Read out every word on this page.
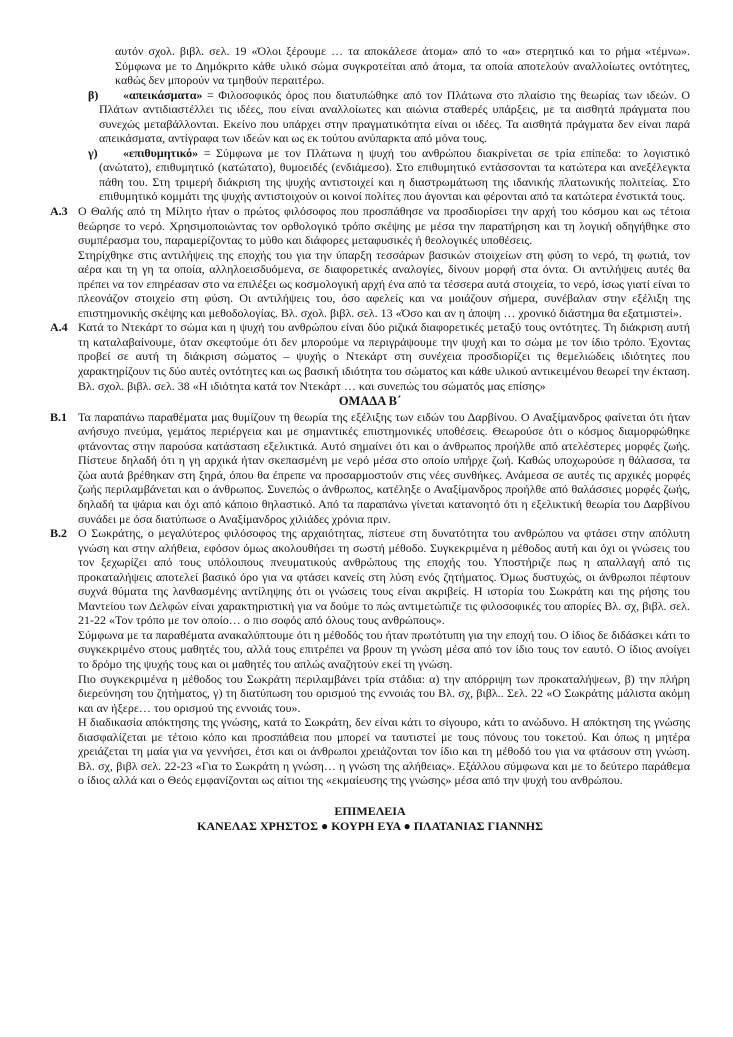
αυτόν σχολ. βιβλ. σελ. 19 «Όλοι ξέρουμε … τα αποκάλεσε άτομα» από το «α» στερητικό και το ρήμα «τέμνω». Σύμφωνα με το Δημόκριτο κάθε υλικό σώμα συγκροτείται από άτομα, τα οποία αποτελούν αναλλοίωτες οντότητες, καθώς δεν μπορούν να τμηθούν περαιτέρω.

β)	«απεικάσματα» = Φιλοσοφικός όρος που διατυπώθηκε από τον Πλάτωνα στο πλαίσιο της θεωρίας των ιδεών. Ο Πλάτων αντιδιαστέλλει τις ιδέες, που είναι αναλλοίωτες και αιώνια σταθερές υπάρξεις, με τα αισθητά πράγματα που συνεχώς μεταβάλλονται. Εκείνο που υπάρχει στην πραγματικότητα είναι οι ιδέες. Τα αισθητά πράγματα δεν είναι παρά απεικάσματα, αντίγραφα των ιδεών και ως εκ τούτου ανύπαρκτα από μόνα τους.

γ)	«επιθυμητικό» = Σύμφωνα με τον Πλάτωνα η ψυχή του ανθρώπου διακρίνεται σε τρία επίπεδα: το λογιστικό (ανώτατο), επιθυμητικό (κατώτατο), θυμοειδές (ενδιάμεσο). Στο επιθυμητικό εντάσσονται τα κατώτερα και ανεξέλεγκτα πάθη του. Στη τριμερή διάκριση της ψυχής αντιστοιχεί και η διαστρωμάτωση της ιδανικής πλατωνικής πολιτείας. Στο επιθυμητικό κομμάτι της ψυχής αντιστοιχούν οι κοινοί πολίτες που άγονται και φέρονται από τα κατώτερα ένστικτά τους.

Α.3 Ο Θαλής από τη Μίλητο ήταν ο πρώτος φιλόσοφος που προσπάθησε να προσδιορίσει την αρχή του κόσμου και ως τέτοια θεώρησε το νερό. Χρησιμοποιώντας τον ορθολογικό τρόπο σκέψης με μέσα την παρατήρηση και τη λογική οδηγήθηκε στο συμπέρασμα του, παραμερίζοντας το μύθο και διάφορες μεταφυσικές ή θεολογικές υποθέσεις.

Στηρίχθηκε στις αντιλήψεις της εποχής του για την ύπαρξη τεσσάρων βασικών στοιχείων στη φύση το νερό, τη φωτιά, τον αέρα και τη γη τα οποία, αλληλοεισδυόμενα, σε διαφορετικές αναλογίες, δίνουν μορφή στα όντα. Οι αντιλήψεις αυτές θα πρέπει να τον επηρέασαν στο να επιλέξει ως κοσμολογική αρχή ένα από τα τέσσερα αυτά στοιχεία, το νερό, ίσως γιατί είναι το πλεονάζον στοιχείο στη φύση. Οι αντιλήψεις του, όσο αφελείς και να μοιάζουν σήμερα, συνέβαλαν στην εξέλιξη της επιστημονικής σκέψης και μεθοδολογίας. Βλ. σχολ. βιβλ. σελ. 13 «Όσο και αν η άποψη … χρονικό διάστημα θα εξατμιστεί».

Α.4 Κατά το Ντεκάρτ το σώμα και η ψυχή του ανθρώπου είναι δύο ριζικά διαφορετικές μεταξύ τους οντότητες. Τη διάκριση αυτή τη καταλαβαίνουμε, όταν σκεφτούμε ότι δεν μπορούμε να περιγράψουμε την ψυχή και το σώμα με τον ίδιο τρόπο. Έχοντας προβεί σε αυτή τη διάκριση σώματος – ψυχής ο Ντεκάρτ στη συνέχεια προσδιορίζει τις θεμελιώδεις ιδιότητες που χαρακτηρίζουν τις δύο αυτές οντότητες και ως βασική ιδιότητα του σώματος και κάθε υλικού αντικειμένου θεωρεί την έκταση. Βλ. σχολ. βιβλ. σελ. 38 «Η ιδιότητα κατά τον Ντεκάρτ … και συνεπώς του σώματός μας επίσης»

ΟΜΑΔΑ Β΄
Β.1 Τα παραπάνω παραθέματα μας θυμίζουν τη θεωρία της εξέλιξης των ειδών του Δαρβίνου. Ο Αναξίμανδρος φαίνεται ότι ήταν ανήσυχο πνεύμα, γεμάτος περιέργεια και με σημαντικές επιστημονικές υποθέσεις. Θεωρούσε ότι ο κόσμος διαμορφώθηκε φτάνοντας στην παρούσα κατάσταση εξελικτικά. Αυτό σημαίνει ότι και ο άνθρωπος προήλθε από ατελέστερες μορφές ζωής. Πίστευε δηλαδή ότι η γη αρχικά ήταν σκεπασμένη με νερό μέσα στο οποίο υπήρχε ζωή. Καθώς υποχωρούσε η θάλασσα, τα ζώα αυτά βρέθηκαν στη ξηρά, όπου θα έπρεπε να προσαρμοστούν στις νέες συνθήκες. Ανάμεσα σε αυτές τις αρχικές μορφές ζωής περιλαμβάνεται και ο άνθρωπος. Συνεπώς ο άνθρωπος, κατέληξε ο Αναξίμανδρος προήλθε από θαλάσσιες μορφές ζωής, δηλαδή τα ψάρια και όχι από κάποιο θηλαστικό. Από τα παραπάνω γίνεται κατανοητό ότι η εξελικτική θεωρία του Δαρβίνου συνάδει με όσα διατύπωσε ο Αναξίμανδρος χιλιάδες χρόνια πριν.

Β.2 Ο Σωκράτης, ο μεγαλύτερος φιλόσοφος της αρχαιότητας, πίστευε στη δυνατότητα του ανθρώπου να φτάσει στην απόλυτη γνώση και στην αλήθεια, εφόσον όμως ακολουθήσει τη σωστή μέθοδο. Συγκεκριμένα η μέθοδος αυτή και όχι οι γνώσεις του τον ξεχωρίζει από τους υπόλοιπους πνευματικούς ανθρώπους της εποχής του. Υποστήριζε πως η απαλλαγή από τις προκαταλήψεις αποτελεί βασικό όρο για να φτάσει κανείς στη λύση ενός ζητήματος. Όμως δυστυχώς, οι άνθρωποι πέφτουν συχνά θύματα της λανθασμένης αντίληψης ότι οι γνώσεις τους είναι ακριβείς. Η ιστορία του Σωκράτη και της ρήσης του Μαντείου των Δελφών είναι χαρακτηριστική για να δούμε το πώς αντιμετώπιζε τις φιλοσοφικές του απορίες Βλ. σχ, βιβλ. σελ. 21-22 «Τον τρόπο με τον οποίο… ο πιο σοφός από όλους τους ανθρώπους».

Σύμφωνα με τα παραθέματα ανακαλύπτουμε ότι η μέθοδός του ήταν πρωτότυπη για την εποχή του. Ο ίδιος δε διδάσκει κάτι το συγκεκριμένο στους μαθητές του, αλλά τους επιτρέπει να βρουν τη γνώση μέσα από τον ίδιο τους τον εαυτό. Ο ίδιος ανοίγει το δρόμο της ψυχής τους και οι μαθητές του απλώς αναζητούν εκεί τη γνώση.

Πιο συγκεκριμένα η μέθοδος του Σωκράτη περιλαμβάνει τρία στάδια: α) την απόρριψη των προκαταλήψεων, β) την πλήρη διερεύνηση του ζητήματος, γ) τη διατύπωση του ορισμού της εννοιάς του Βλ. σχ, βιβλ.. Σελ. 22 «Ο Σωκράτης μάλιστα ακόμη και αν ήξερε… του ορισμού της εννοιάς του».

Η διαδικασία απόκτησης της γνώσης, κατά το Σωκράτη, δεν είναι κάτι το σίγουρο, κάτι το ανώδυνο. Η απόκτηση της γνώσης διασφαλίζεται με τέτοιο κόπο και προσπάθεια που μπορεί να ταυτιστεί με τους πόνους του τοκετού. Και όπως η μητέρα χρειάζεται τη μαία για να γεννήσει, έτσι και οι άνθρωποι χρειάζονται τον ίδιο και τη μέθοδό του για να φτάσουν στη γνώση. Βλ. σχ, βιβλ σελ. 22-23 «Για το Σωκράτη η γνώση… η γνώση της αλήθειας». Εξάλλου σύμφωνα και με το δεύτερο παράθεμα ο ίδιος αλλά και ο Θεός εμφανίζονται ως αίτιοι της «εκμαίευσης της γνώσης» μέσα από την ψυχή του ανθρώπου.

ΕΠΙΜΕΛΕΙΑ

ΚΑΝΕΛΑΣ ΧΡΗΣΤΟΣ ● ΚΟΥΡΗ ΕΥΑ ● ΠΛΑΤΑΝΙΑΣ ΓΙΑΝΝΗΣ
